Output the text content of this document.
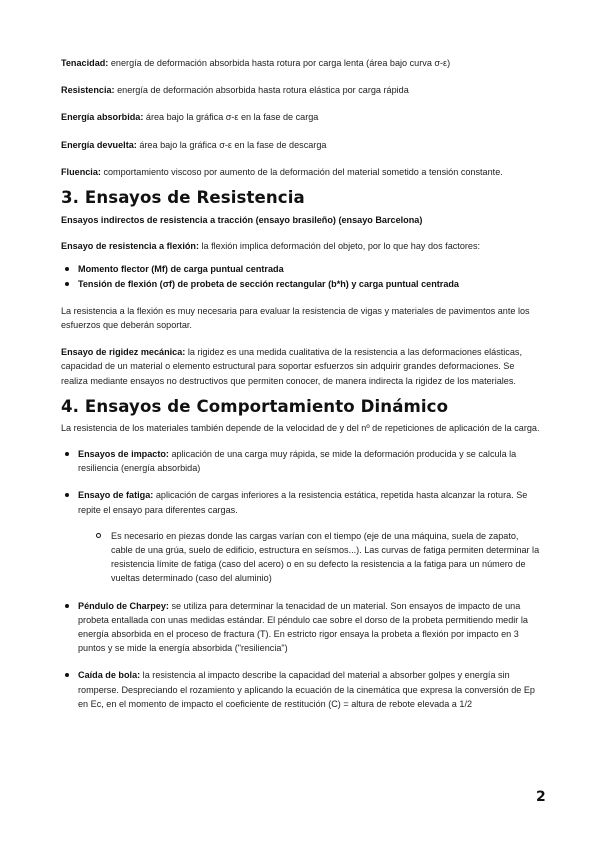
Tenacidad: energía de deformación absorbida hasta rotura por carga lenta (área bajo curva σ-ε)

Resistencia: energía de deformación absorbida hasta rotura elástica por carga rápida

Energía absorbida: área bajo la gráfica σ-ε en la fase de carga

Energía devuelta: área bajo la gráfica σ-ε en la fase de descarga

Fluencia: comportamiento viscoso por aumento de la deformación del material sometido a tensión constante.

3. Ensayos de Resistencia

Ensayos indirectos de resistencia a tracción (ensayo brasileño) (ensayo Barcelona)

Ensayo de resistencia a flexión: la flexión implica deformación del objeto, por lo que hay dos factores:

Momento flector (Mf) de carga puntual centrada
Tensión de flexión (σf) de probeta de sección rectangular (b*h) y carga puntual centrada

La resistencia a la flexión es muy necesaria para evaluar la resistencia de vigas y materiales de pavimentos ante los esfuerzos que deberán soportar.

Ensayo de rigidez mecánica: la rigidez es una medida cualitativa de la resistencia a las deformaciones elásticas, capacidad de un material o elemento estructural para soportar esfuerzos sin adquirir grandes deformaciones. Se realiza mediante ensayos no destructivos que permiten conocer, de manera indirecta la rigidez de los materiales.

4. Ensayos de Comportamiento Dinámico

La resistencia de los materiales también depende de la velocidad de y del nº de repeticiones de aplicación de la carga.

Ensayos de impacto: aplicación de una carga muy rápida, se mide la deformación producida y se calcula la resiliencia (energía absorbida)
Ensayo de fatiga: aplicación de cargas inferiores a la resistencia estática, repetida hasta alcanzar la rotura. Se repite el ensayo para diferentes cargas.
Es necesario en piezas donde las cargas varían con el tiempo (eje de una máquina, suela de zapato, cable de una grúa, suelo de edificio, estructura en seísmos...). Las curvas de fatiga permiten determinar la resistencia límite de fatiga (caso del acero) o en su defecto la resistencia a la fatiga para un número de vueltas determinado (caso del aluminio)
Péndulo de Charpey: se utiliza para determinar la tenacidad de un material. Son ensayos de impacto de una probeta entallada con unas medidas estándar. El péndulo cae sobre el dorso de la probeta permitiendo medir la energía absorbida en el proceso de fractura (T). En estricto rigor ensaya la probeta a flexión por impacto en 3 puntos y se mide la energía absorbida ("resiliencia")
Caída de bola: la resistencia al impacto describe la capacidad del material a absorber golpes y energía sin romperse. Despreciando el rozamiento y aplicando la ecuación de la cinemática que expresa la conversión de Ep en Ec, en el momento de impacto el coeficiente de restitución (C) = altura de rebote elevada a 1/2
2
